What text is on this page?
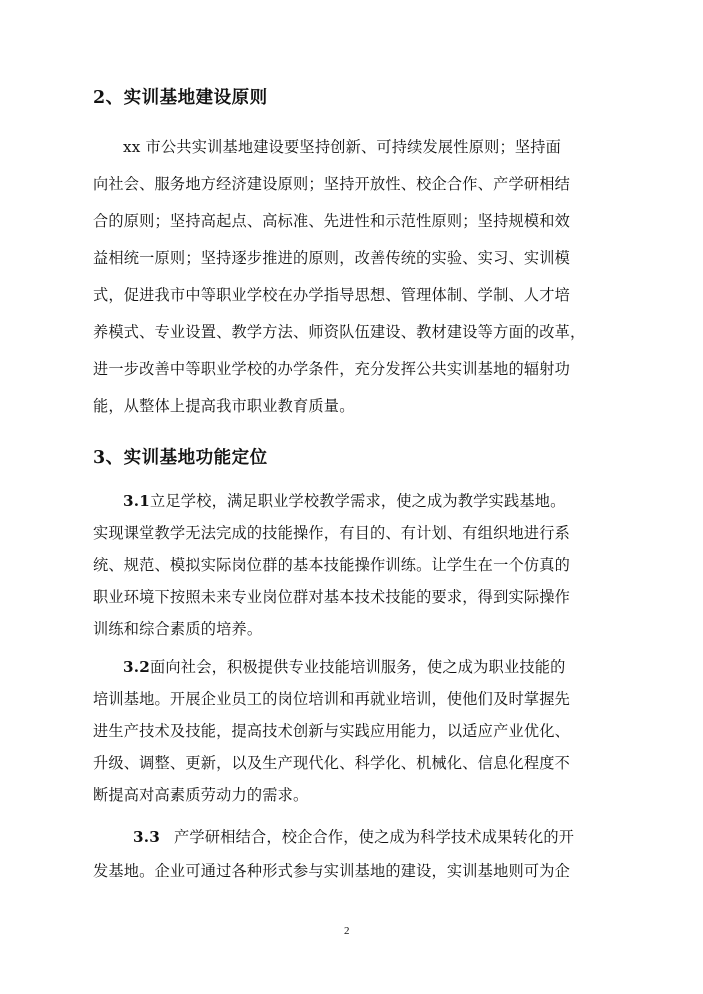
2、实训基地建设原则
xx 市公共实训基地建设要坚持创新、可持续发展性原则；坚持面
向社会、服务地方经济建设原则；坚持开放性、校企合作、产学研相结
合的原则；坚持高起点、高标准、先进性和示范性原则；坚持规模和效
益相统一原则；坚持逐步推进的原则，改善传统的实验、实习、实训模
式，促进我市中等职业学校在办学指导思想、管理体制、学制、人才培
养模式、专业设置、教学方法、师资队伍建设、教材建设等方面的改革，
进一步改善中等职业学校的办学条件，充分发挥公共实训基地的辐射功
能，从整体上提高我市职业教育质量。
3、实训基地功能定位
3.1立足学校，满足职业学校教学需求，使之成为教学实践基地。
实现课堂教学无法完成的技能操作，有目的、有计划、有组织地进行系
统、规范、模拟实际岗位群的基本技能操作训练。让学生在一个仿真的
职业环境下按照未来专业岗位群对基本技术技能的要求，得到实际操作
训练和综合素质的培养。
3.2面向社会，积极提供专业技能培训服务，使之成为职业技能的
培训基地。开展企业员工的岗位培训和再就业培训，使他们及时掌握先
进生产技术及技能，提高技术创新与实践应用能力，以适应产业优化、
升级、调整、更新，以及生产现代化、科学化、机械化、信息化程度不
断提高对高素质劳动力的需求。
3.3 产学研相结合，校企合作，使之成为科学技术成果转化的开
发基地。企业可通过各种形式参与实训基地的建设，实训基地则可为企
2
